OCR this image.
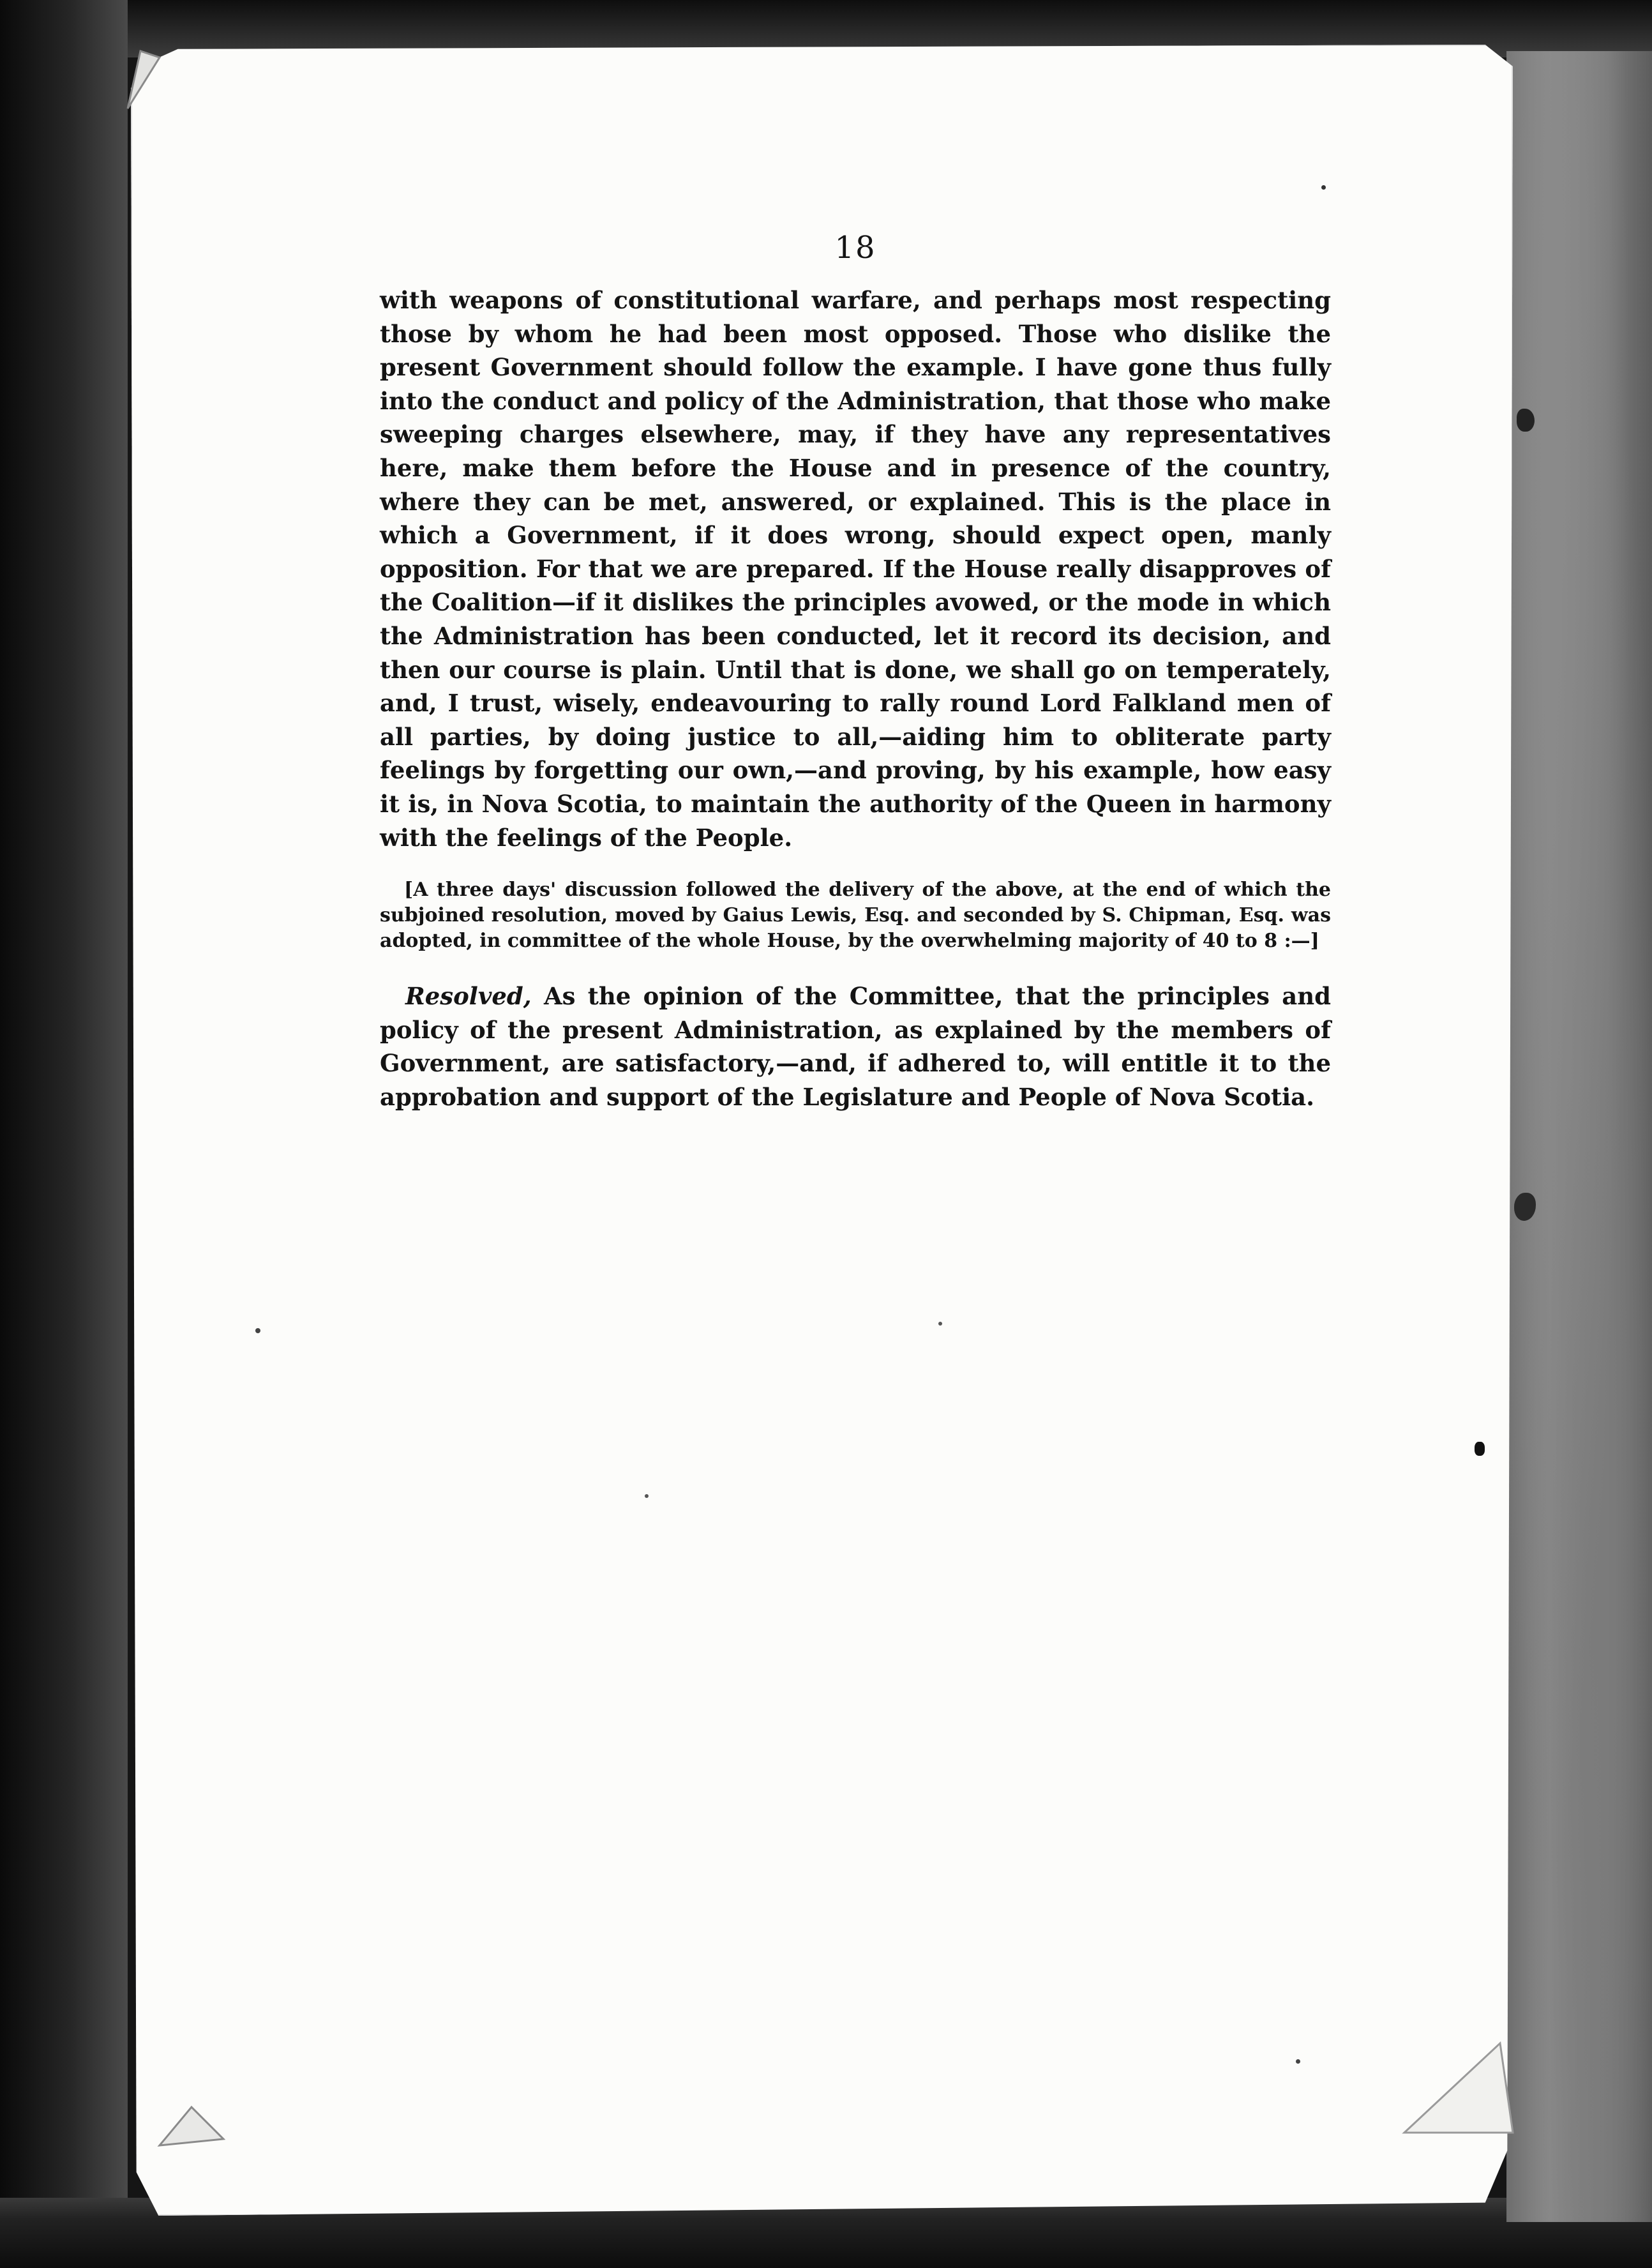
18

with weapons of constitutional warfare, and perhaps most respecting those by whom he had been most opposed. Those who dislike the present Government should follow the example. I have gone thus fully into the conduct and policy of the Administration, that those who make sweeping charges elsewhere, may, if they have any representatives here, make them before the House and in presence of the country, where they can be met, answered, or explained. This is the place in which a Government, if it does wrong, should expect open, manly opposition. For that we are prepared. If the House really disapproves of the Coalition—if it dislikes the principles avowed, or the mode in which the Administration has been conducted, let it record its decision, and then our course is plain. Until that is done, we shall go on temperately, and, I trust, wisely, endeavouring to rally round Lord Falkland men of all parties, by doing justice to all,—aiding him to obliterate party feelings by forgetting our own,—and proving, by his example, how easy it is, in Nova Scotia, to maintain the authority of the Queen in harmony with the feelings of the People.

[A three days' discussion followed the delivery of the above, at the end of which the subjoined resolution, moved by Gaius Lewis, Esq. and seconded by S. Chipman, Esq. was adopted, in committee of the whole House, by the overwhelming majority of 40 to 8 :—]

Resolved, As the opinion of the Committee, that the principles and policy of the present Administration, as explained by the members of Government, are satisfactory,—and, if adhered to, will entitle it to the approbation and support of the Legislature and People of Nova Scotia.
